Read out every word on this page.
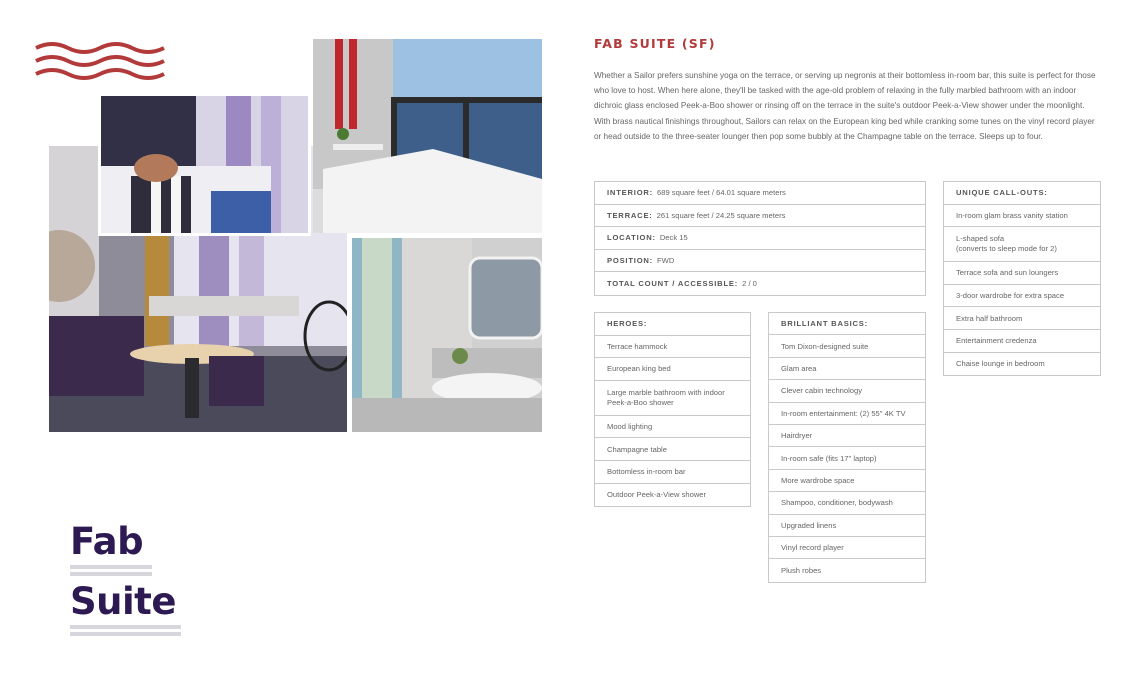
Fab
Suite
FAB SUITE (SF)
Whether a Sailor prefers sunshine yoga on the terrace, or serving up negronis at their bottomless in-room bar, this suite is perfect for those who love to host. When here alone, they'll be tasked with the age-old problem of relaxing in the fully marbled bathroom with an indoor dichroic glass enclosed Peek-a-Boo shower or rinsing off on the terrace in the suite's outdoor Peek-a-View shower under the moonlight. With brass nautical finishings throughout, Sailors can relax on the European king bed while cranking some tunes on the vinyl record player or head outside to the three-seater lounger then pop some bubbly at the Champagne table on the terrace. Sleeps up to four.
INTERIOR: 689 square feet / 64.01 square meters
TERRACE: 261 square feet / 24.25 square meters
LOCATION: Deck 15
POSITION: FWD
TOTAL COUNT / ACCESSIBLE: 2 / 0
UNIQUE CALL-OUTS:
In-room glam brass vanity station
L-shaped sofa
(converts to sleep mode for 2)
Terrace sofa and sun loungers
3-door wardrobe for extra space
Extra half bathroom
Entertainment credenza
Chaise lounge in bedroom
HEROES:
Terrace hammock
European king bed
Large marble bathroom with indoor Peek-a-Boo shower
Mood lighting
Champagne table
Bottomless in-room bar
Outdoor Peek-a-View shower
BRILLIANT BASICS:
Tom Dixon-designed suite
Glam area
Clever cabin technology
In-room entertainment: (2) 55" 4K TV
Hairdryer
In-room safe (fits 17" laptop)
More wardrobe space
Shampoo, conditioner, bodywash
Upgraded linens
Vinyl record player
Plush robes
